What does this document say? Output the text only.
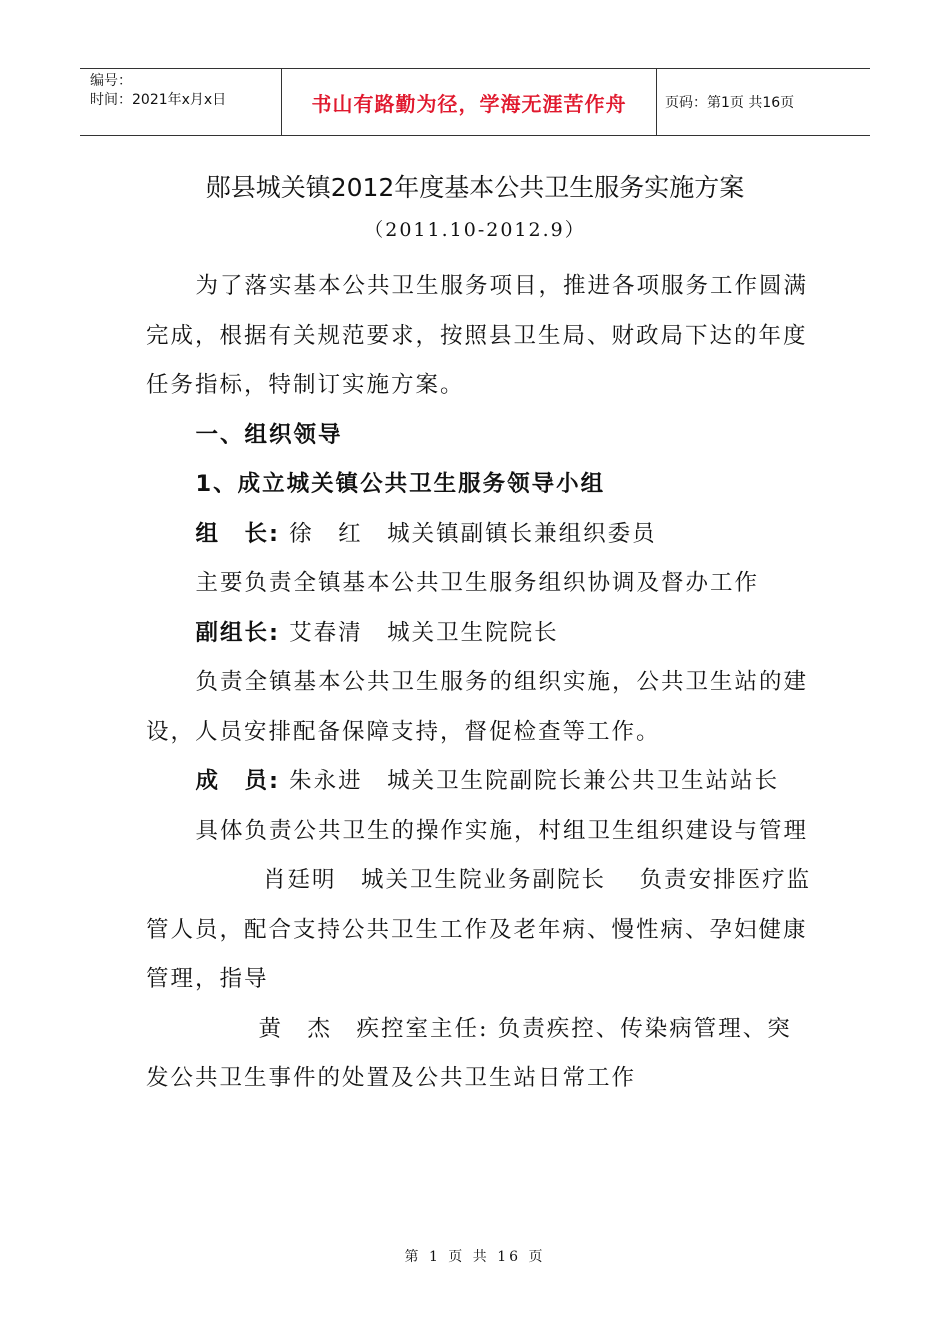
编号：
时间：2021年x月x日	书山有路勤为径，学海无涯苦作舟	页码：第1页 共16页
郧县城关镇2012年度基本公共卫生服务实施方案
（2011.10-2012.9）

为了落实基本公共卫生服务项目，推进各项服务工作圆满完成，根据有关规范要求，按照县卫生局、财政局下达的年度任务指标，特制订实施方案。

一、组织领导

1、成立城关镇公共卫生服务领导小组

组　长: 徐　红　城关镇副镇长兼组织委员

主要负责全镇基本公共卫生服务组织协调及督办工作

副组长: 艾春清　城关卫生院院长

负责全镇基本公共卫生服务的组织实施，公共卫生站的建设，人员安排配备保障支持，督促检查等工作。

成　员: 朱永进　城关卫生院副院长兼公共卫生站站长

具体负责公共卫生的操作实施，村组卫生组织建设与管理

肖廷明　城关卫生院业务副院长　 负责安排医疗监管人员，配合支持公共卫生工作及老年病、慢性病、孕妇健康管理，指导

黄　杰　疾控室主任: 负责疾控、传染病管理、突发公共卫生事件的处置及公共卫生站日常工作

第 1 页 共 16 页
